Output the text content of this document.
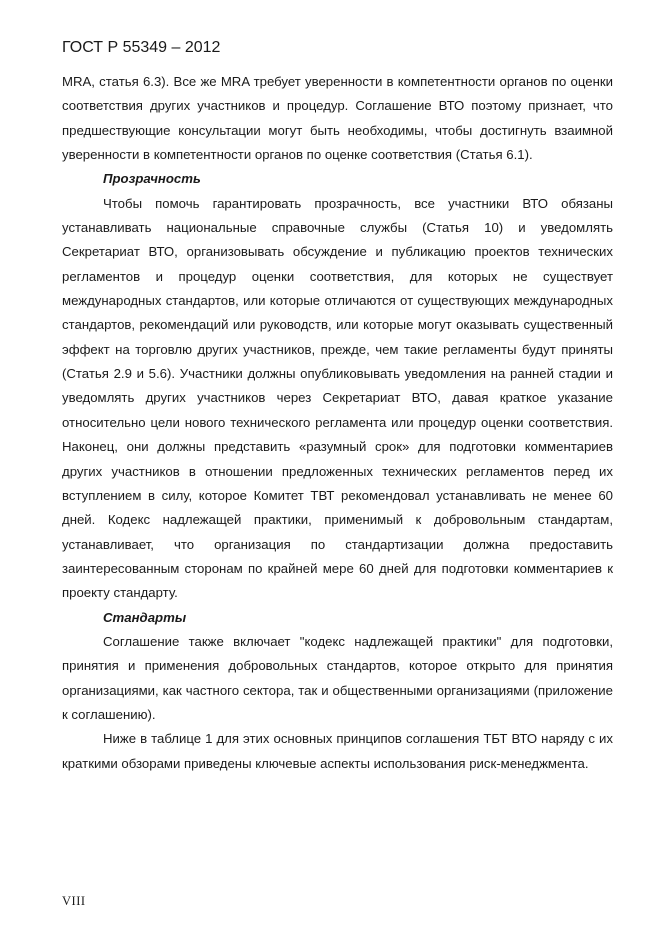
ГОСТ Р 55349 – 2012

MRA, статья 6.3). Все же MRA требует уверенности в компетентности органов по оценки соответствия других участников и процедур. Соглашение ВТО поэтому признает, что предшествующие консультации могут быть необходимы, чтобы достигнуть взаимной уверенности в компетентности органов по оценке соответствия (Статья 6.1).

Прозрачность

Чтобы помочь гарантировать прозрачность, все участники ВТО обязаны устанавливать национальные справочные службы (Статья 10) и уведомлять Секретариат ВТО, организовывать обсуждение и публикацию проектов технических регламентов и процедур оценки соответствия, для которых не существует международных стандартов, или которые отличаются от существующих международных стандартов, рекомендаций или руководств, или которые могут оказывать существенный эффект на торговлю других участников, прежде, чем такие регламенты будут приняты (Статья 2.9 и 5.6). Участники должны опубликовывать уведомления на ранней стадии и уведомлять других участников через Секретариат ВТО, давая краткое указание относительно цели нового технического регламента или процедур оценки соответствия. Наконец, они должны представить «разумный срок» для подготовки комментариев других участников в отношении предложенных технических регламентов перед их вступлением в силу, которое Комитет ТВТ рекомендовал устанавливать не менее 60 дней. Кодекс надлежащей практики, применимый к добровольным стандартам, устанавливает, что организация по стандартизации должна предоставить заинтересованным сторонам по крайней мере 60 дней для подготовки комментариев к проекту стандарту.

Стандарты

Соглашение также включает "кодекс надлежащей практики" для подготовки, принятия и применения добровольных стандартов, которое открыто для принятия организациями, как частного сектора, так и общественными организациями (приложение к соглашению).

Ниже в таблице 1 для этих основных принципов соглашения ТБТ ВТО наряду с их краткими обзорами приведены ключевые аспекты использования риск-менеджмента.

VIII
